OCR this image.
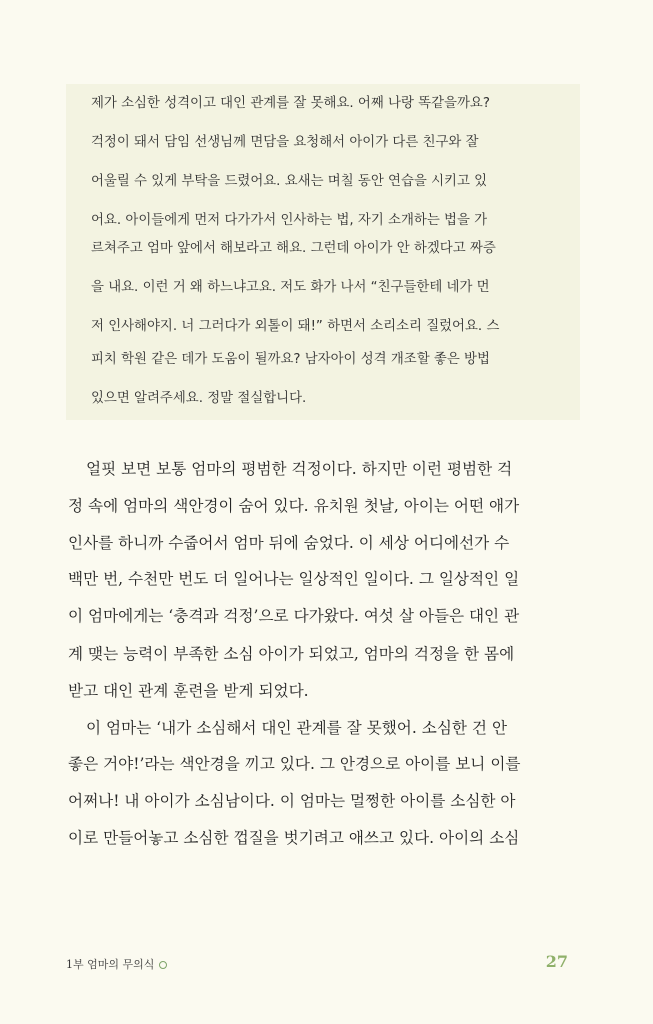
제가 소심한 성격이고 대인 관계를 잘 못해요. 어째 나랑 똑같을까요?
걱정이 돼서 담임 선생님께 면담을 요청해서 아이가 다른 친구와 잘
어울릴 수 있게 부탁을 드렸어요. 요새는 며칠 동안 연습을 시키고 있
어요. 아이들에게 먼저 다가가서 인사하는 법, 자기 소개하는 법을 가
르쳐주고 엄마 앞에서 해보라고 해요. 그런데 아이가 안 하겠다고 짜증
을 내요. 이런 거 왜 하느냐고요. 저도 화가 나서 “친구들한테 네가 먼
저 인사해야지. 너 그러다가 외톨이 돼!” 하면서 소리소리 질렀어요. 스
피치 학원 같은 데가 도움이 될까요? 남자아이 성격 개조할 좋은 방법
있으면 알려주세요. 정말 절실합니다.
얼핏 보면 보통 엄마의 평범한 걱정이다. 하지만 이런 평범한 걱
정 속에 엄마의 색안경이 숨어 있다. 유치원 첫날, 아이는 어떤 애가
인사를 하니까 수줍어서 엄마 뒤에 숨었다. 이 세상 어디에선가 수
백만 번, 수천만 번도 더 일어나는 일상적인 일이다. 그 일상적인 일
이 엄마에게는 ‘충격과 걱정’으로 다가왔다. 여섯 살 아들은 대인 관
계 맺는 능력이 부족한 소심 아이가 되었고, 엄마의 걱정을 한 몸에
받고 대인 관계 훈련을 받게 되었다.
이 엄마는 ‘내가 소심해서 대인 관계를 잘 못했어. 소심한 건 안
좋은 거야!’라는 색안경을 끼고 있다. 그 안경으로 아이를 보니 이를
어쩌나! 내 아이가 소심남이다. 이 엄마는 멀쩡한 아이를 소심한 아
이로 만들어놓고 소심한 껍질을 벗기려고 애쓰고 있다. 아이의 소심
1부 엄마의 무의식	27
